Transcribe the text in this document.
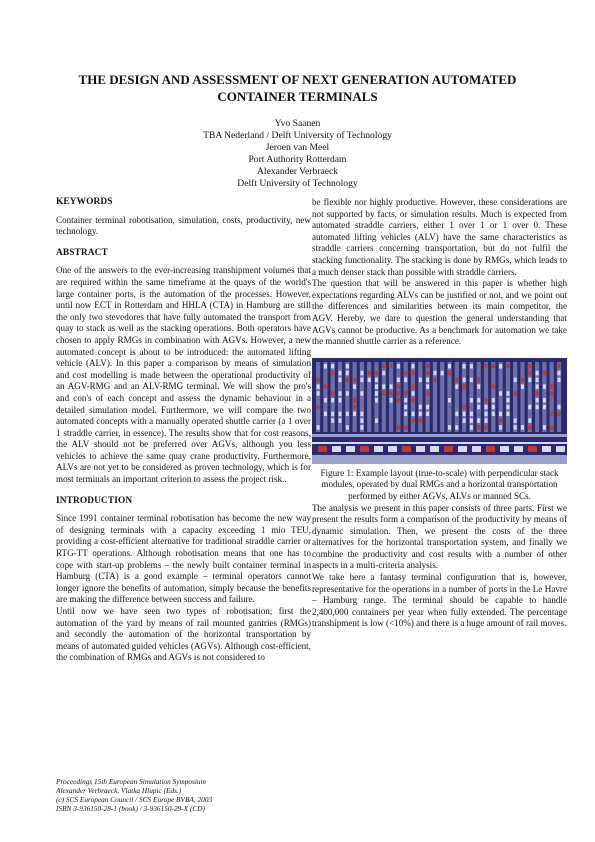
THE DESIGN AND ASSESSMENT OF NEXT GENERATION AUTOMATED CONTAINER TERMINALS
Yvo Saanen
TBA Nederland / Delft University of Technology
Jeroen van Meel
Port Authority Rotterdam
Alexander Verbraeck
Delft University of Technology
KEYWORDS

Container terminal robotisation, simulation, costs, productivity, new technology.

ABSTRACT

One of the answers to the ever-increasing transhipment volumes that are required within the same timeframe at the quays of the world's large container ports, is the automation of the processes. However, until now ECT in Rotterdam and HHLA (CTA) in Hamburg are still the only two stevedores that have fully automated the transport from quay to stack as well as the stacking operations. Both operators have chosen to apply RMGs in combination with AGVs. However, a new automated concept is about to be introduced: the automated lifting vehicle (ALV). In this paper a comparison by means of simulation and cost modelling is made between the operational productivity of an AGV-RMG and an ALV-RMG terminal. We will show the pro's and con's of each concept and assess the dynamic behaviour in a detailed simulation model. Furthermore, we will compare the two automated concepts with a manually operated shuttle carrier (a 1 over 1 straddle carrier, in essence). The results show that for cost reasons, the ALV should not be preferred over AGVs, although you less vehicles to achieve the same quay crane productivity. Furthermore, ALVs are not yet to be considered as proven technology, which is for most terminals an important criterion to assess the project risk..

INTRODUCTION

Since 1991 container terminal robotisation has become the new way of designing terminals with a capacity exceeding 1 mio TEU, providing a cost-efficient alternative for traditional straddle carrier or RTG-TT operations. Although robotisation means that one has to cope with start-up problems – the newly built container terminal in Hamburg (CTA) is a good example – terminal operators cannot longer ignore the benefits of automation, simply because the benefits are making the difference between success and failure.

Until now we have seen two types of robotisation; first the automation of the yard by means of rail mounted gantries (RMGs) and secondly the automation of the horizontal transportation by means of automated guided vehicles (AGVs). Although cost-efficient, the combination of RMGs and AGVs is not considered to

be flexible nor highly productive. However, these considerations are not supported by facts, or simulation results. Much is expected from automated straddle carriers, either 1 over 1 or 1 over 0. These automated lifting vehicles (ALV) have the same characteristics as straddle carriers concerning transportation, but do not fulfil the stacking functionality. The stacking is done by RMGs, which leads to a much denser stack than possible with straddle carriers.

The question that will be answered in this paper is whether high expectations regarding ALVs can be justified or not, and we point out the differences and similarities between its main competitor, the AGV. Hereby, we dare to question the general understanding that AGVs cannot be productive. As a benchmark for automation we take the manned shuttle carrier as a reference.

Figure 1: Example layout (true-to-scale) with perpendicular stack modules, operated by dual RMGs and a horizontal transportation performed by either AGVs, ALVs or manned SCs.

The analysis we present in this paper consists of three parts. First we present the results form a comparison of the productivity by means of dynamic simulation. Then, we present the costs of the three alternatives for the horizontal transportation system, and finally we combine the productivity and cost results with a number of other aspects in a multi-criteria analysis.

We take here a fantasy terminal configuration that is, however, representative for the operations in a number of ports in the Le Havre – Hamburg range. The terminal should be capable to handle 2,400,000 containers per year when fully extended. The percentage transhipment is low (<10%) and there is a huge amount of rail moves.

Proceedings 15th European Simulation Symposium
Alexander Verbraeck, Vlatka Hlupic (Eds.)
(c) SCS European Council / SCS Europe BVBA, 2003
ISBN 3-936150-28-1 (book) / 3-936150-29-X (CD)
